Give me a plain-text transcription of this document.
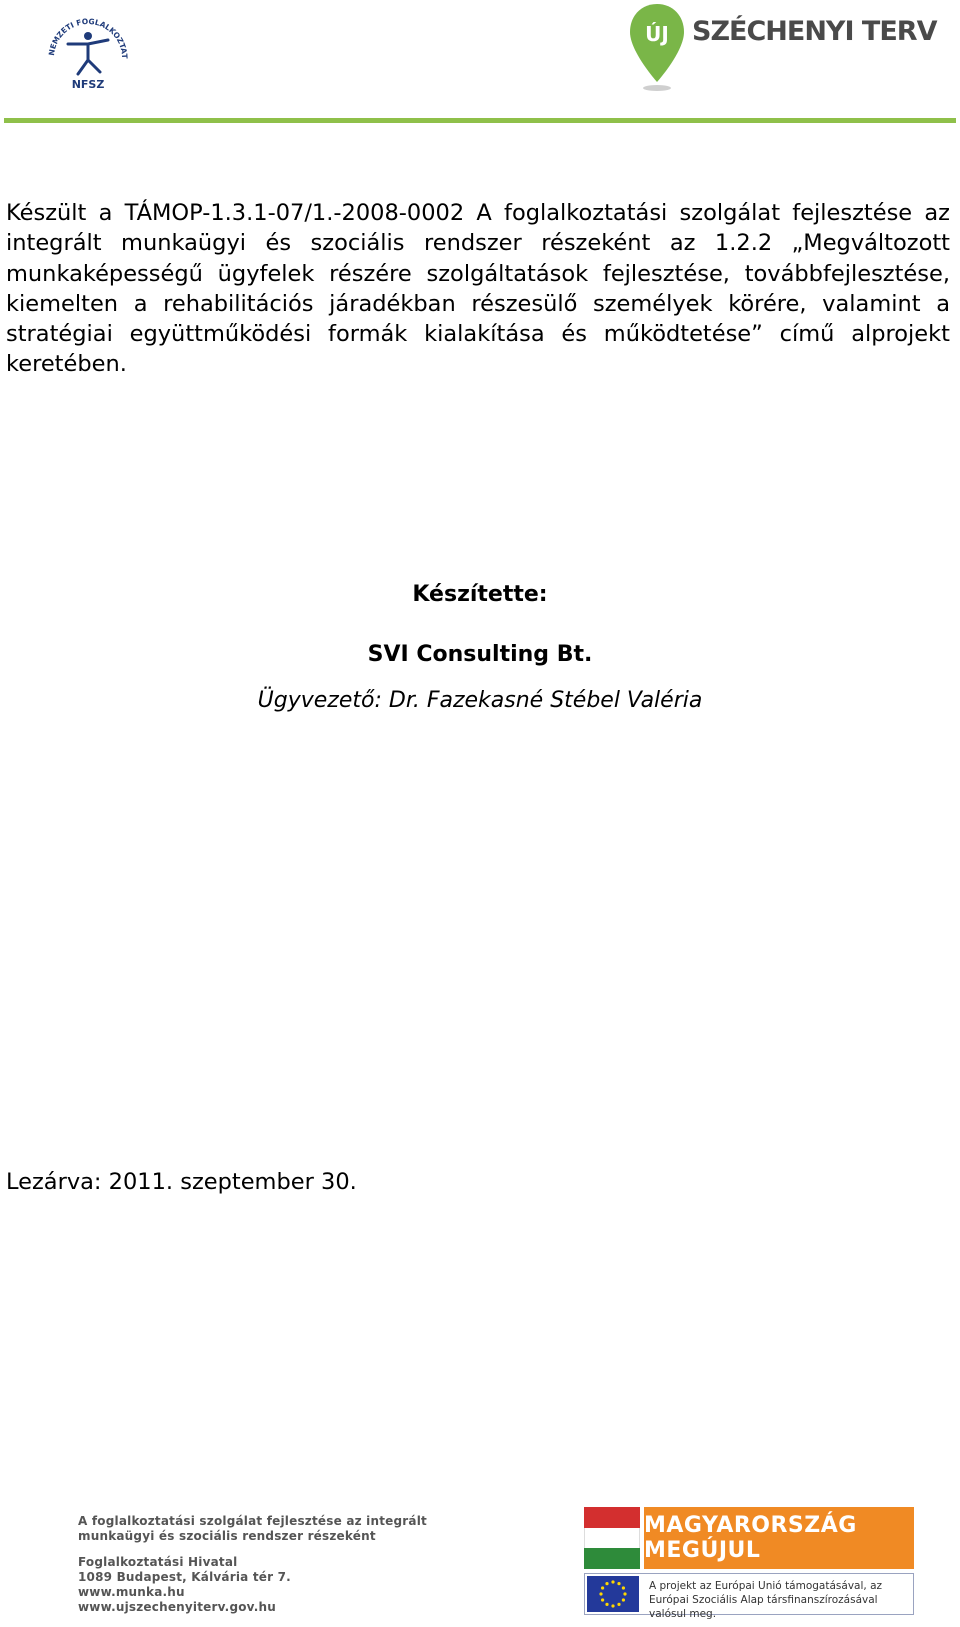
NEMZETI FOGLALKOZTAT
NFSZ
ÚJ SZÉCHENYI TERV

Készült a TÁMOP-1.3.1-07/1.-2008-0002 A foglalkoztatási szolgálat fejlesztése az integrált munkaügyi és szociális rendszer részeként az 1.2.2 „Megváltozott munkaképességű ügyfelek részére szolgáltatások fejlesztése, továbbfejlesztése, kiemelten a rehabilitációs járadékban részesülő személyek körére, valamint a stratégiai együttműködési formák kialakítása és működtetése” című alprojekt keretében.

Készítette:
SVI Consulting Bt.
Ügyvezető: Dr. Fazekasné Stébel Valéria
Lezárva: 2011. szeptember 30.
A foglalkoztatási szolgálat fejlesztése az integrált
munkaügyi és szociális rendszer részeként
Foglalkoztatási Hivatal
1089 Budapest, Kálvária tér 7.
www.munka.hu
www.ujszechenyiterv.gov.hu
MAGYARORSZÁG MEGÚJUL
A projekt az Európai Unió támogatásával, az Európai Szociális Alap társfinanszírozásával valósul meg.
